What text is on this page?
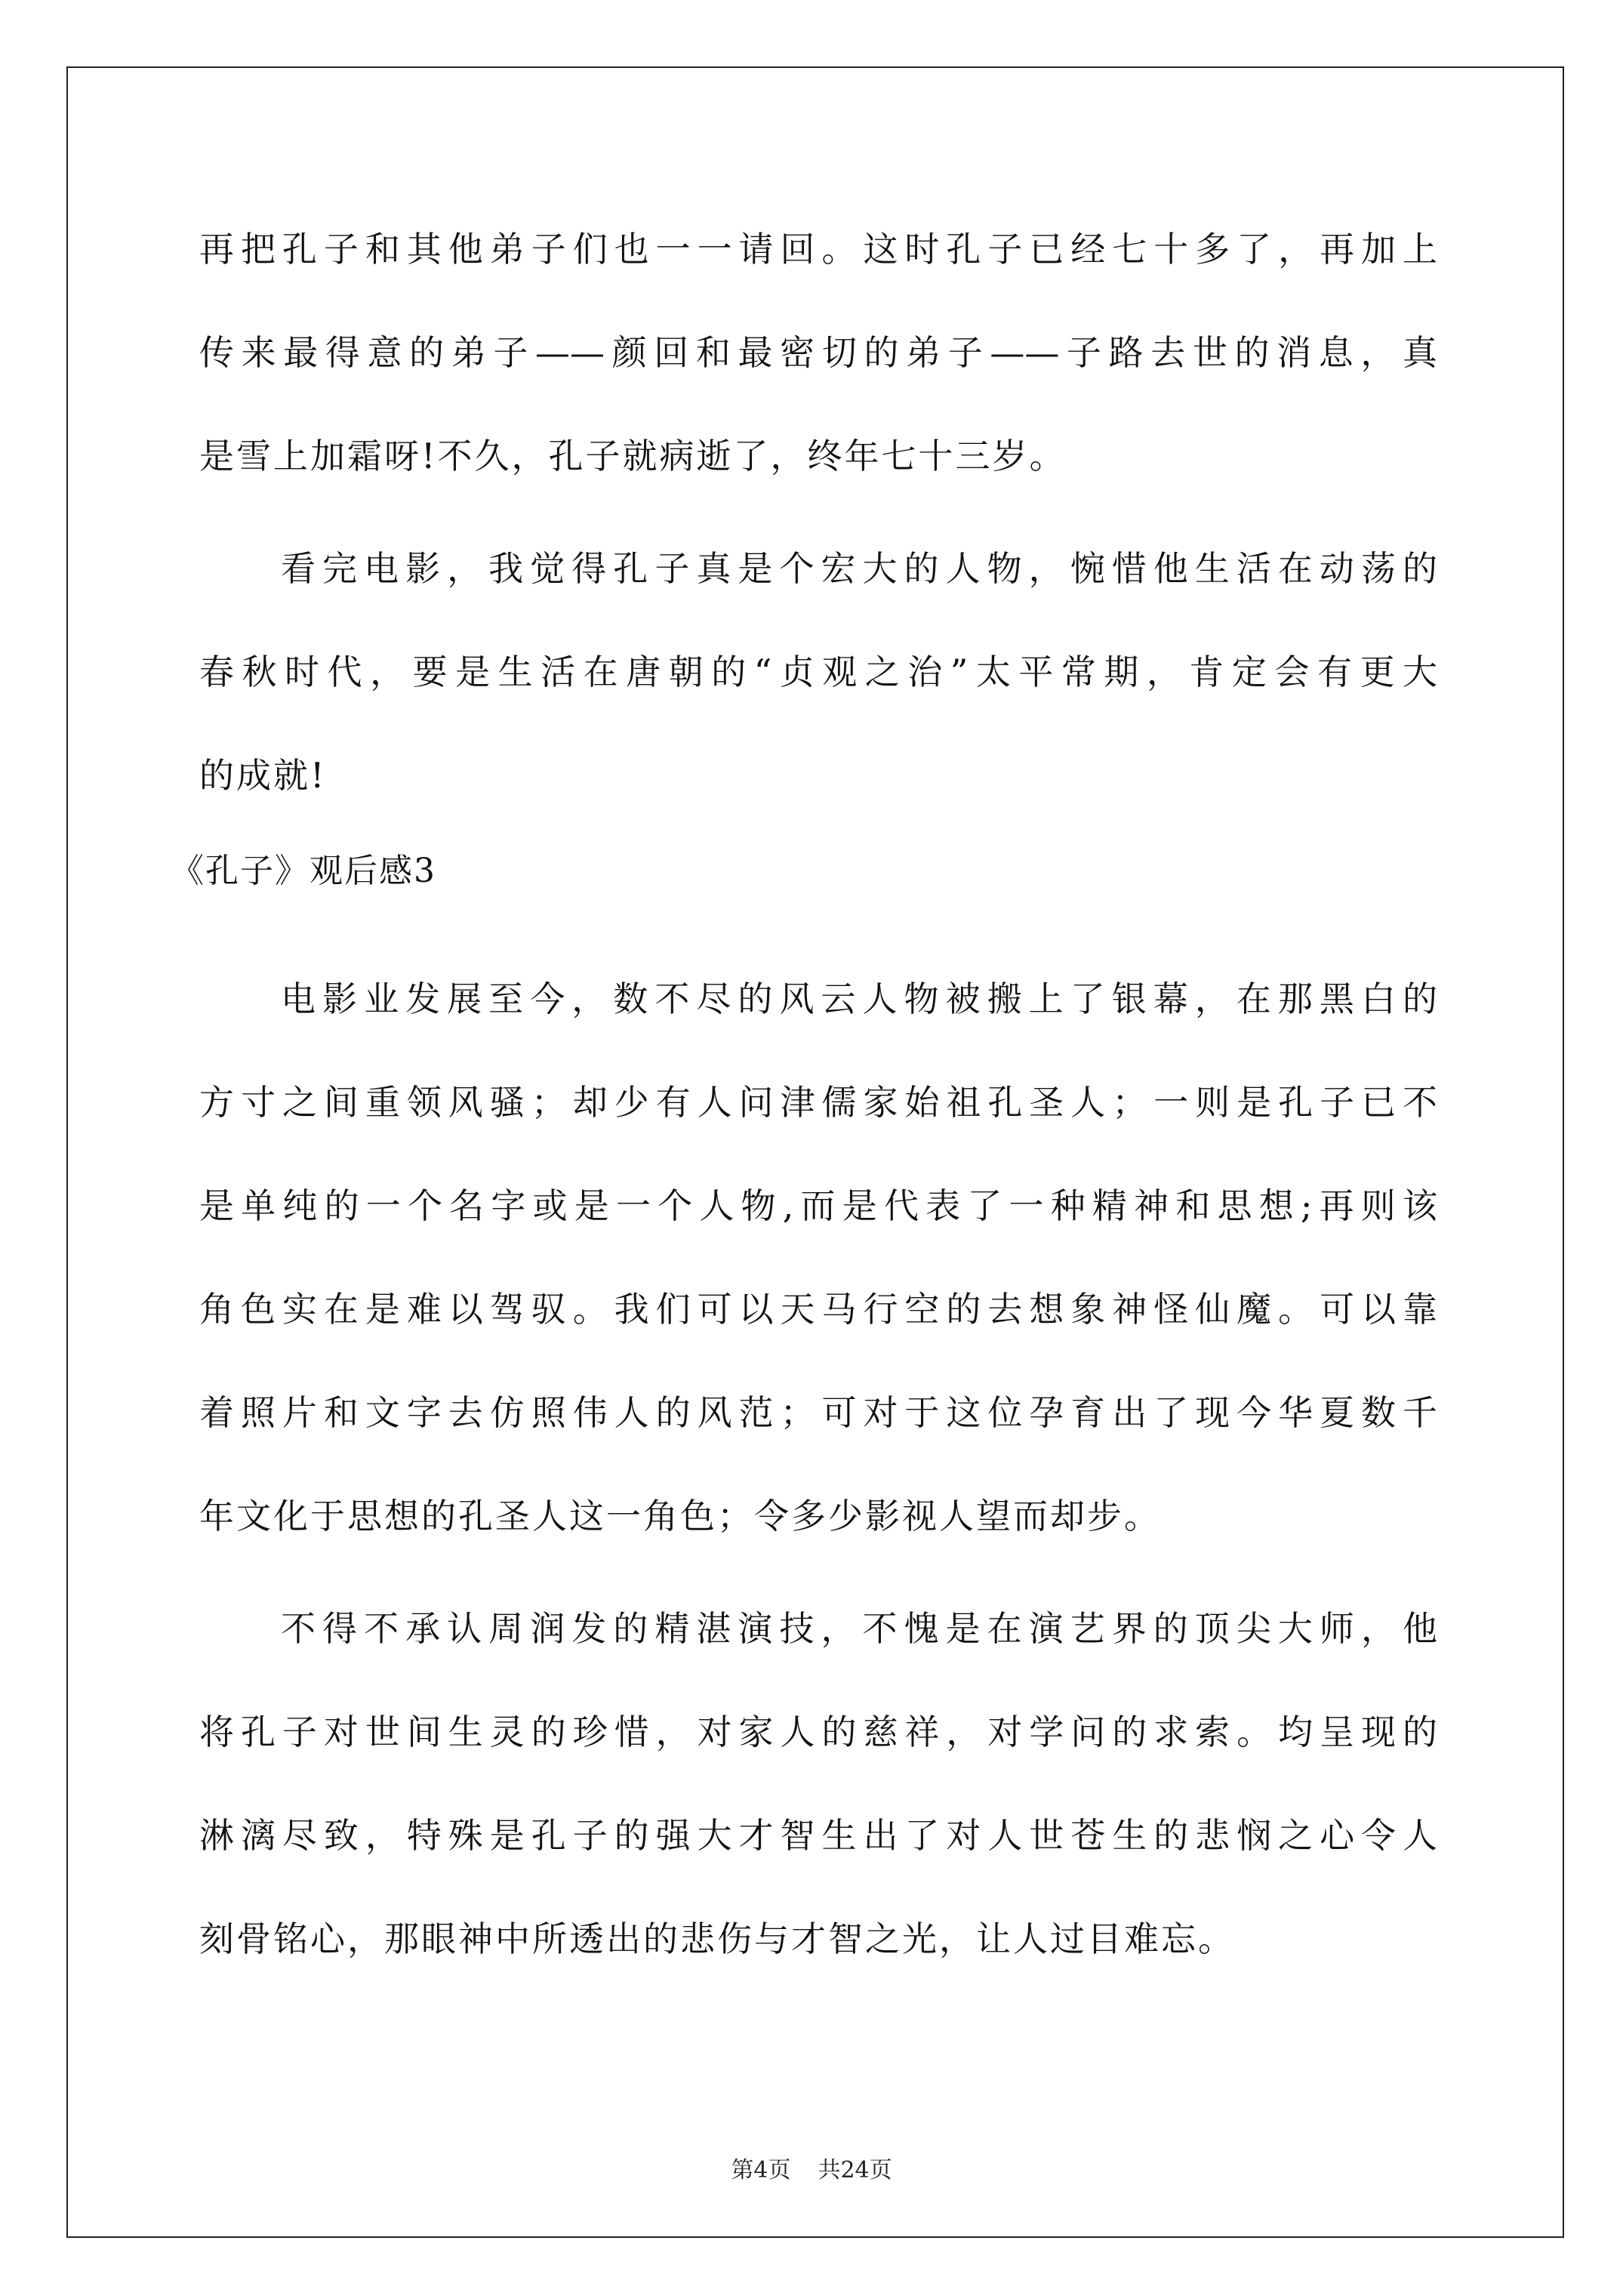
再把孔子和其他弟子们也一一请回。这时孔子已经七十多了，再加上

传来最得意的弟子——颜回和最密切的弟子——子路去世的消息，真

是雪上加霜呀!不久，孔子就病逝了，终年七十三岁。

看完电影，我觉得孔子真是个宏大的人物，惋惜他生活在动荡的

春秋时代，要是生活在唐朝的“贞观之治”太平常期，肯定会有更大

的成就!

《孔子》观后感3

电影业发展至今，数不尽的风云人物被搬上了银幕，在那黑白的

方寸之间重领风骚；却少有人问津儒家始祖孔圣人；一则是孔子已不

是单纯的一个名字或是一个人物,而是代表了一种精神和思想;再则该

角色实在是难以驾驭。我们可以天马行空的去想象神怪仙魔。可以靠

着照片和文字去仿照伟人的风范；可对于这位孕育出了现今华夏数千

年文化于思想的孔圣人这一角色；令多少影视人望而却步。

不得不承认周润发的精湛演技，不愧是在演艺界的顶尖大师，他

将孔子对世间生灵的珍惜，对家人的慈祥，对学问的求索。均呈现的

淋漓尽致，特殊是孔子的强大才智生出了对人世苍生的悲悯之心令人

刻骨铭心，那眼神中所透出的悲伤与才智之光，让人过目难忘。

第4页 共24页
